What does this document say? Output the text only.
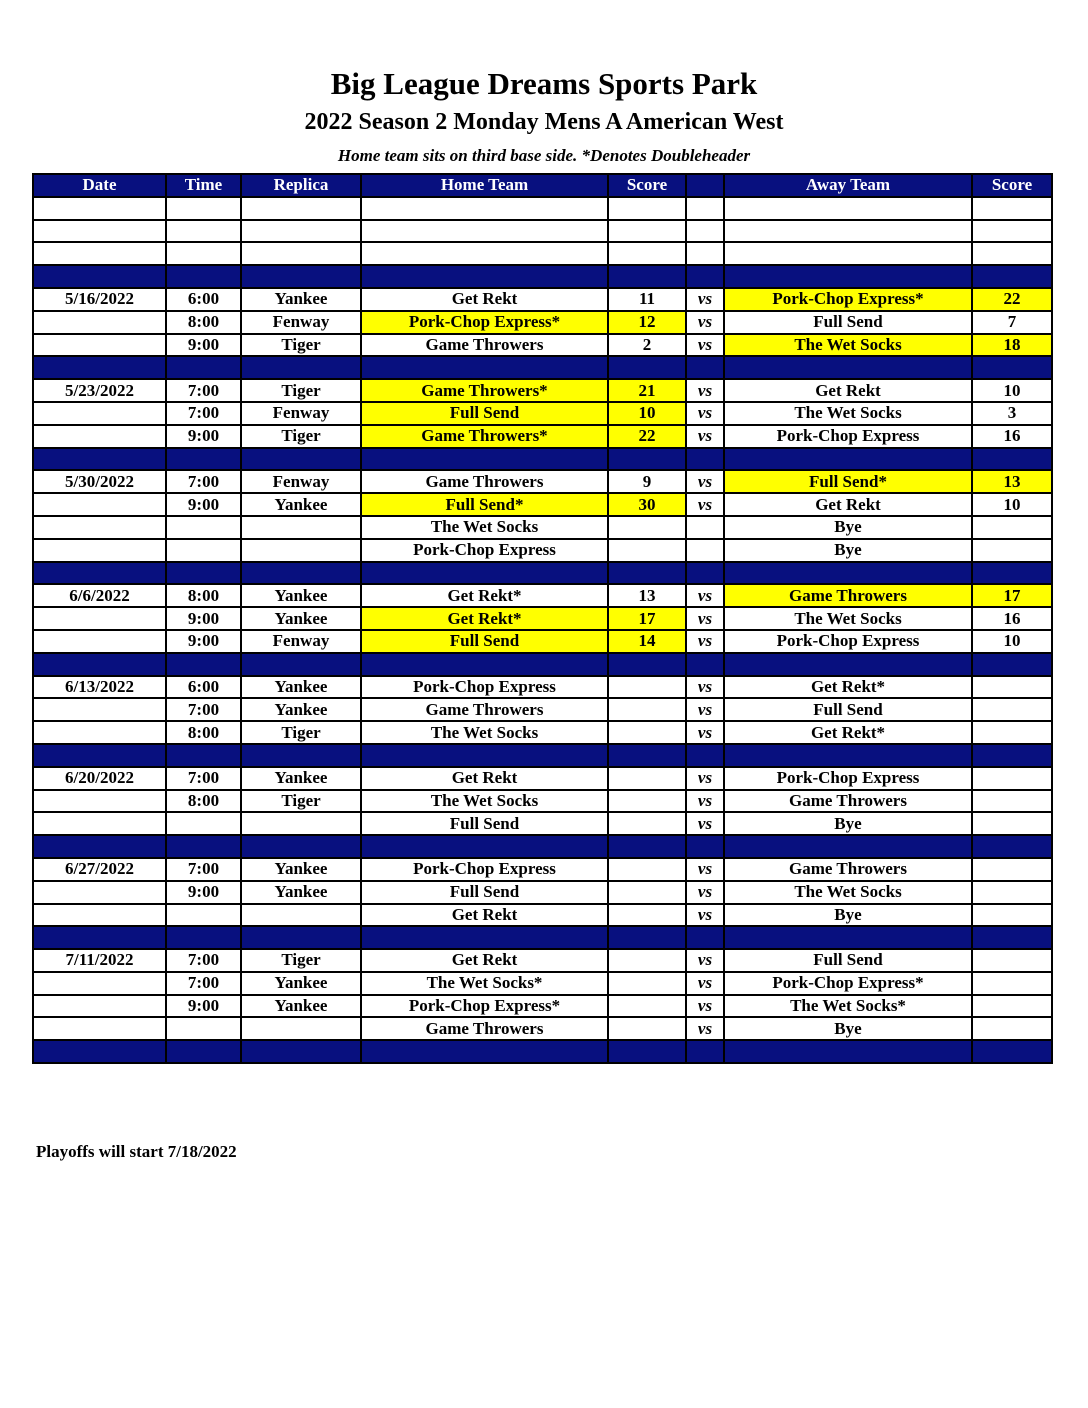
Big League Dreams Sports Park
2022 Season 2 Monday Mens A American West
Home team sits on third base side. *Denotes Doubleheader
Date	Time	Replica	Home Team	Score		Away Team	Score

5/16/2022	6:00	Yankee	Get Rekt	11	vs	Pork-Chop Express*	22
	8:00	Fenway	Pork-Chop Express*	12	vs	Full Send	7
	9:00	Tiger	Game Throwers	2	vs	The Wet Socks	18

5/23/2022	7:00	Tiger	Game Throwers*	21	vs	Get Rekt	10
	7:00	Fenway	Full Send	10	vs	The Wet Socks	3
	9:00	Tiger	Game Throwers*	22	vs	Pork-Chop Express	16

5/30/2022	7:00	Fenway	Game Throwers	9	vs	Full Send*	13
	9:00	Yankee	Full Send*	30	vs	Get Rekt	10
			The Wet Socks			Bye	
			Pork-Chop Express			Bye	

6/6/2022	8:00	Yankee	Get Rekt*	13	vs	Game Throwers	17
	9:00	Yankee	Get Rekt*	17	vs	The Wet Socks	16
	9:00	Fenway	Full Send	14	vs	Pork-Chop Express	10

6/13/2022	6:00	Yankee	Pork-Chop Express		vs	Get Rekt*	
	7:00	Yankee	Game Throwers		vs	Full Send	
	8:00	Tiger	The Wet Socks		vs	Get Rekt*	

6/20/2022	7:00	Yankee	Get Rekt		vs	Pork-Chop Express	
	8:00	Tiger	The Wet Socks		vs	Game Throwers	
			Full Send		vs	Bye	

6/27/2022	7:00	Yankee	Pork-Chop Express		vs	Game Throwers	
	9:00	Yankee	Full Send		vs	The Wet Socks	
			Get Rekt		vs	Bye	

7/11/2022	7:00	Tiger	Get Rekt		vs	Full Send	
	7:00	Yankee	The Wet Socks*		vs	Pork-Chop Express*	
	9:00	Yankee	Pork-Chop Express*		vs	The Wet Socks*	
			Game Throwers		vs	Bye	

Playoffs will start 7/18/2022
